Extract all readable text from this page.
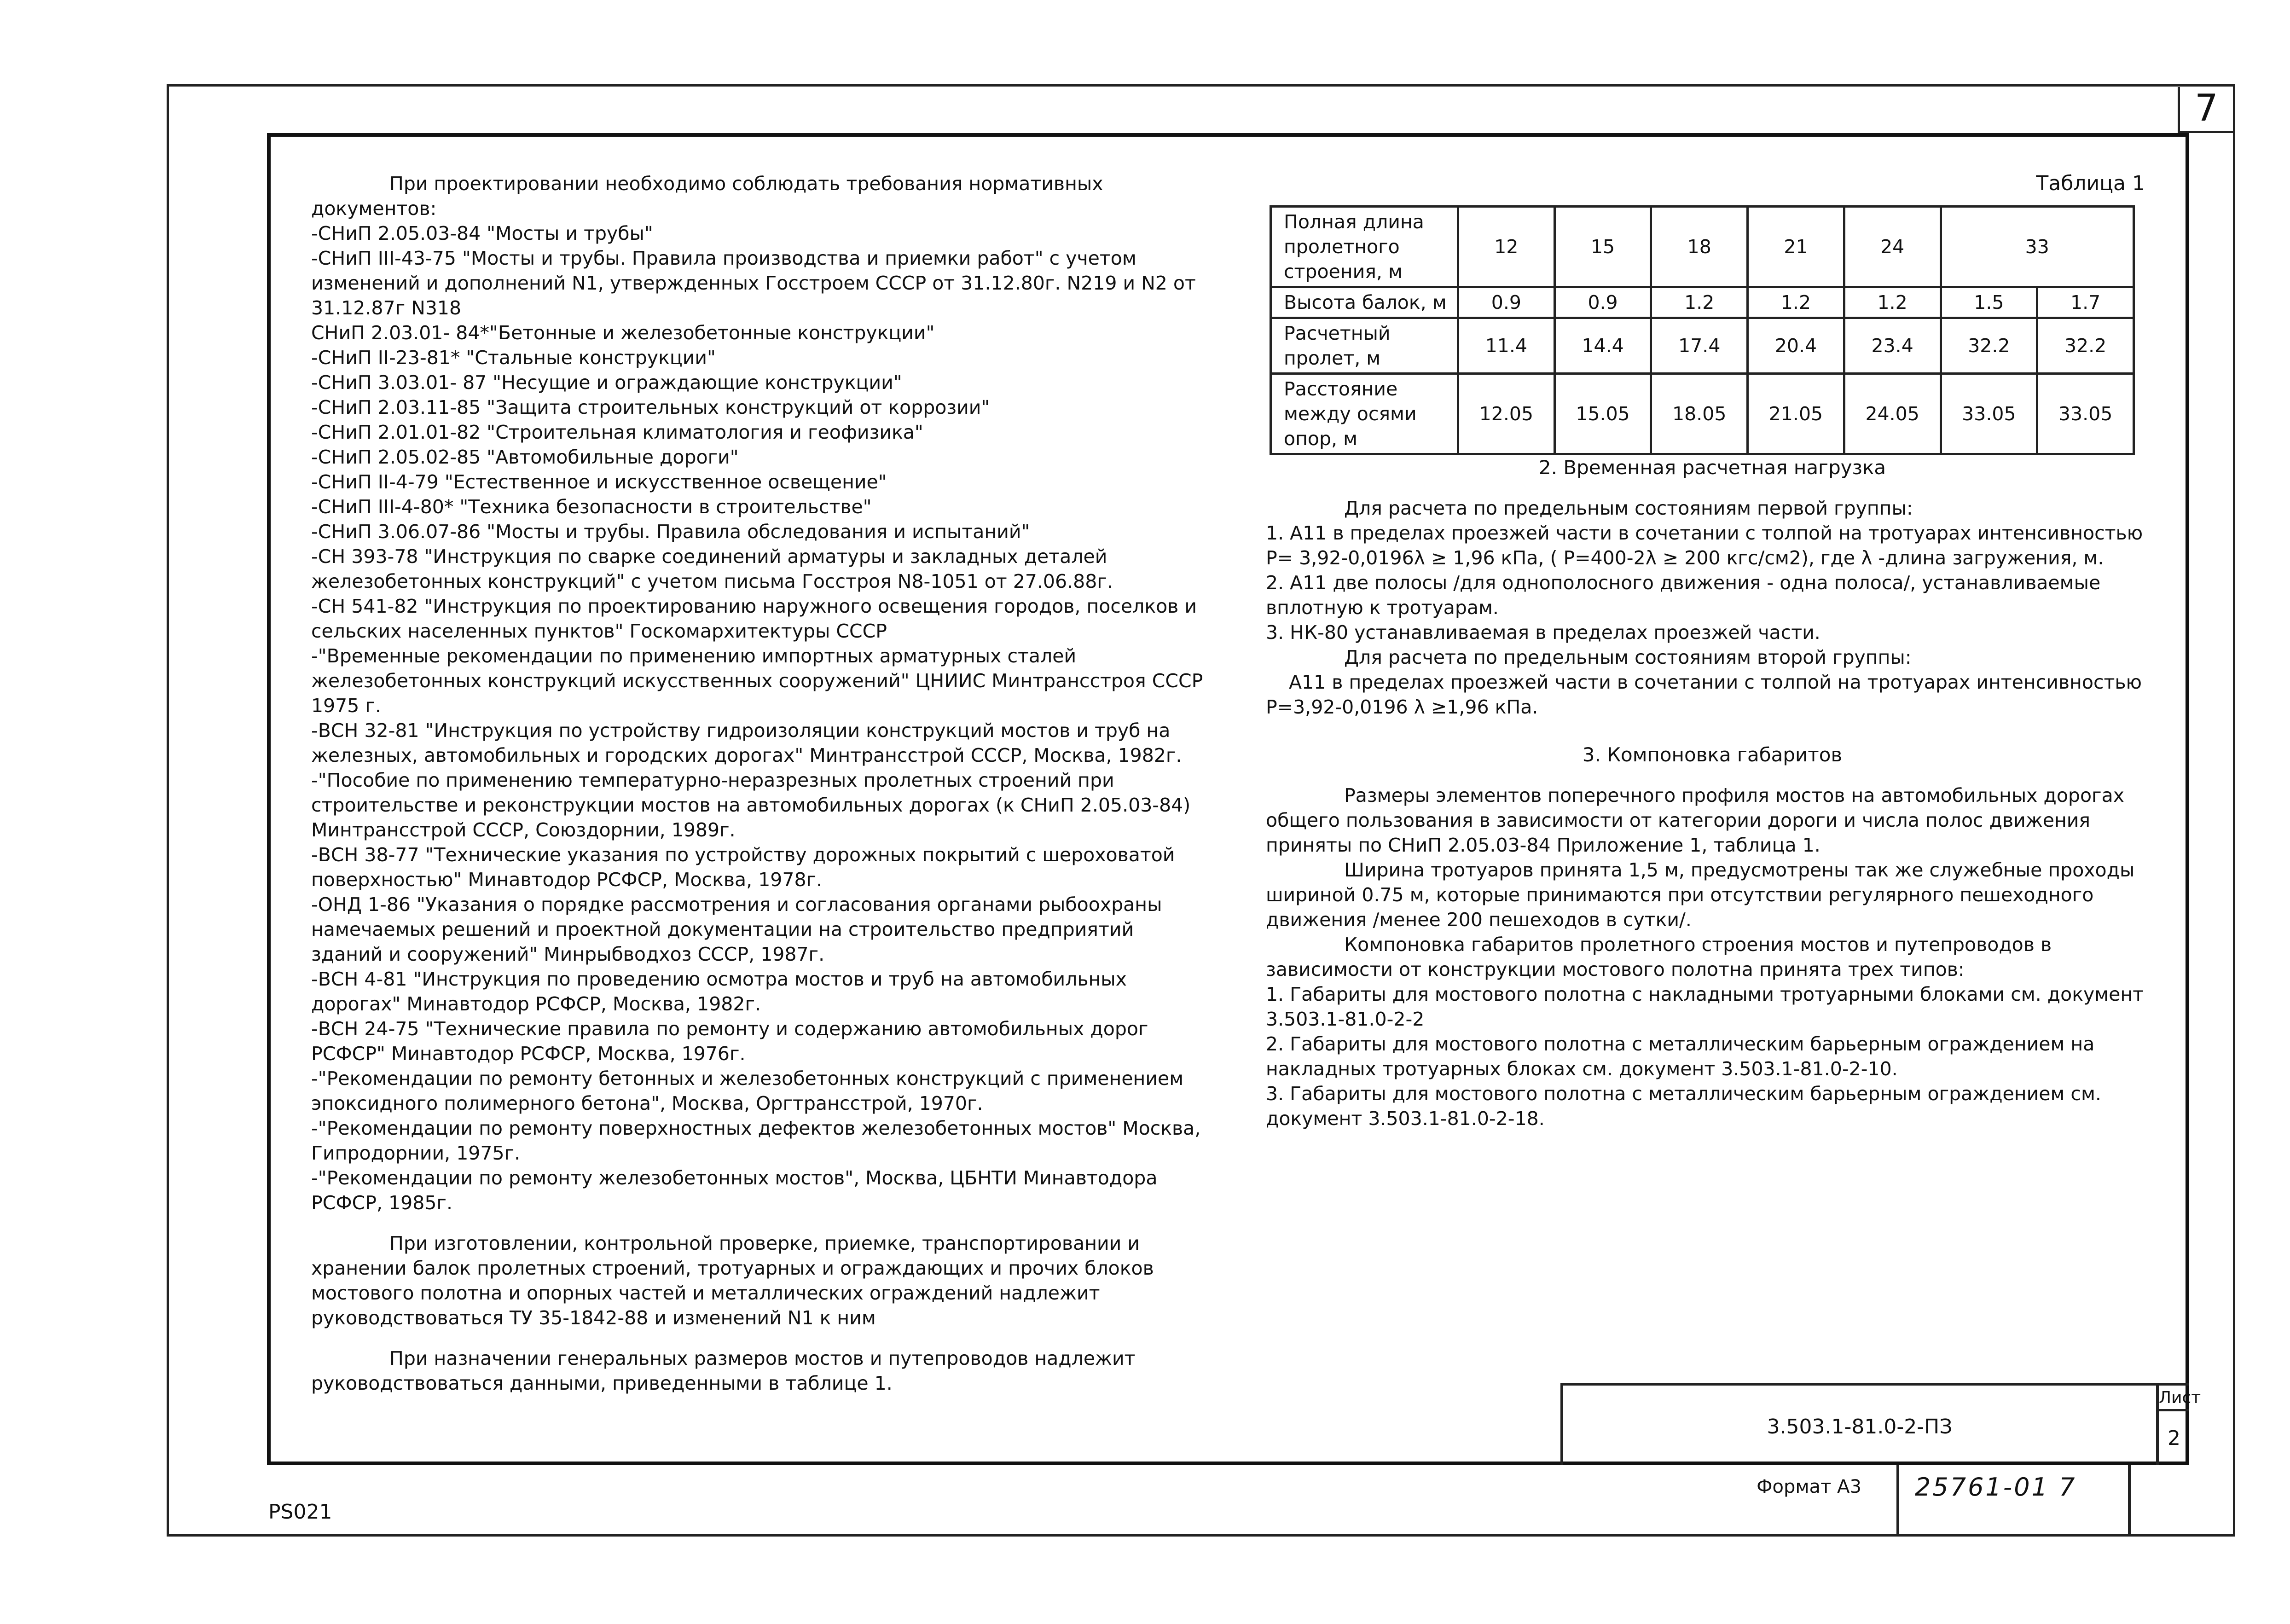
7

При проектировании необходимо соблюдать требования нормативных документов:

-СНиП 2.05.03-84 "Мосты и трубы"

-СНиП III-43-75 "Мосты и трубы. Правила производства и приемки работ" с учетом изменений и дополнений N1, утвержденных Госстроем СССР от 31.12.80г. N219 и N2 от 31.12.87г N318

СНиП 2.03.01- 84*"Бетонные и железобетонные конструкции"

-СНиП II-23-81* "Стальные конструкции"

-СНиП 3.03.01- 87 "Несущие и ограждающие конструкции"

-СНиП 2.03.11-85 "Защита строительных конструкций от коррозии"

-СНиП 2.01.01-82 "Строительная климатология и геофизика"

-СНиП 2.05.02-85 "Автомобильные дороги"

-СНиП II-4-79 "Естественное и искусственное освещение"

-СНиП III-4-80* "Техника безопасности в строительстве"

-СНиП 3.06.07-86 "Мосты и трубы. Правила обследования и испытаний"

-СН 393-78 "Инструкция по сварке соединений арматуры и закладных деталей железобетонных конструкций" с учетом письма Госстроя N8-1051 от 27.06.88г.

-СН 541-82 "Инструкция по проектированию наружного освещения городов, поселков и сельских населенных пунктов" Госкомархитектуры СССР

-"Временные рекомендации по применению импортных арматурных сталей железобетонных конструкций искусственных сооружений" ЦНИИС Минтрансстроя СССР 1975 г.

-ВСН 32-81 "Инструкция по устройству гидроизоляции конструкций мостов и труб на железных, автомобильных и городских дорогах" Минтрансстрой СССР, Москва, 1982г.

-"Пособие по применению температурно-неразрезных пролетных строений при строительстве и реконструкции мостов на автомобильных дорогах (к СНиП 2.05.03-84) Минтрансстрой СССР, Союздорнии, 1989г.

-ВСН 38-77 "Технические указания по устройству дорожных покрытий с шероховатой поверхностью" Минавтодор РСФСР, Москва, 1978г.

-ОНД 1-86 "Указания о порядке рассмотрения и согласования органами рыбоохраны намечаемых решений и проектной документации на строительство предприятий зданий и сооружений" Минрыбводхоз СССР, 1987г.

-ВСН 4-81 "Инструкция по проведению осмотра мостов и труб на автомобильных дорогах" Минавтодор РСФСР, Москва, 1982г.

-ВСН 24-75 "Технические правила по ремонту и содержанию автомобильных дорог РСФСР" Минавтодор РСФСР, Москва, 1976г.

-"Рекомендации по ремонту бетонных и железобетонных конструкций с применением эпоксидного полимерного бетона", Москва, Оргтрансстрой, 1970г.

-"Рекомендации по ремонту поверхностных дефектов железобетонных мостов" Москва, Гипродорнии, 1975г.

-"Рекомендации по ремонту железобетонных мостов", Москва, ЦБНТИ Минавтодора РСФСР, 1985г.

При изготовлении, контрольной проверке, приемке, транспортировании и хранении балок пролетных строений, тротуарных и ограждающих и прочих блоков мостового полотна и опорных частей и металлических ограждений надлежит руководствоваться ТУ 35-1842-88 и изменений N1 к ним

При назначении генеральных размеров мостов и путепроводов надлежит руководствоваться данными, приведенными в таблице 1.

Таблица 1

Полная длина пролетного строения, м	12	15	18	21	24	33	
Высота балок, м	0.9	0.9	1.2	1.2	1.2	1.5	1.7
Расчетный пролет, м	11.4	14.4	17.4	20.4	23.4	32.2	32.2
Расстояние между осями опор, м	12.05	15.05	18.05	21.05	24.05	33.05	33.05

2. Временная расчетная нагрузка

Для расчета по предельным состояниям первой группы:

1. А11 в пределах проезжей части в сочетании с толпой на тротуарах интенсивностью Р= 3,92-0,0196λ ≥ 1,96 кПа, ( Р=400-2λ ≥ 200 кгс/см2), где λ -длина загружения, м.

2. А11 две полосы /для однополосного движения - одна полоса/, устанавливаемые вплотную к тротуарам.

3. НК-80 устанавливаемая в пределах проезжей части.

Для расчета по предельным состояниям второй группы:

А11 в пределах проезжей части в сочетании с толпой на тротуарах интенсивностью Р=3,92-0,0196 λ ≥1,96 кПа.

3. Компоновка габаритов

Размеры элементов поперечного профиля мостов на автомобильных дорогах общего пользования в зависимости от категории дороги и числа полос движения приняты по СНиП 2.05.03-84 Приложение 1, таблица 1.

Ширина тротуаров принята 1,5 м, предусмотрены так же служебные проходы шириной 0.75 м, которые принимаются при отсутствии регулярного пешеходного движения /менее 200 пешеходов в сутки/.

Компоновка габаритов пролетного строения мостов и путепроводов в зависимости от конструкции мостового полотна принята трех типов:

1. Габариты для мостового полотна с накладными тротуарными блоками см. документ 3.503.1-81.0-2-2

2. Габариты для мостового полотна с металлическим барьерным ограждением на накладных тротуарных блоках см. документ 3.503.1-81.0-2-10.

3. Габариты для мостового полотна с металлическим барьерным ограждением см. документ 3.503.1-81.0-2-18.

3.503.1-81.0-2-ПЗ
Лист
2
Формат А3	25761-01 7
PS021
